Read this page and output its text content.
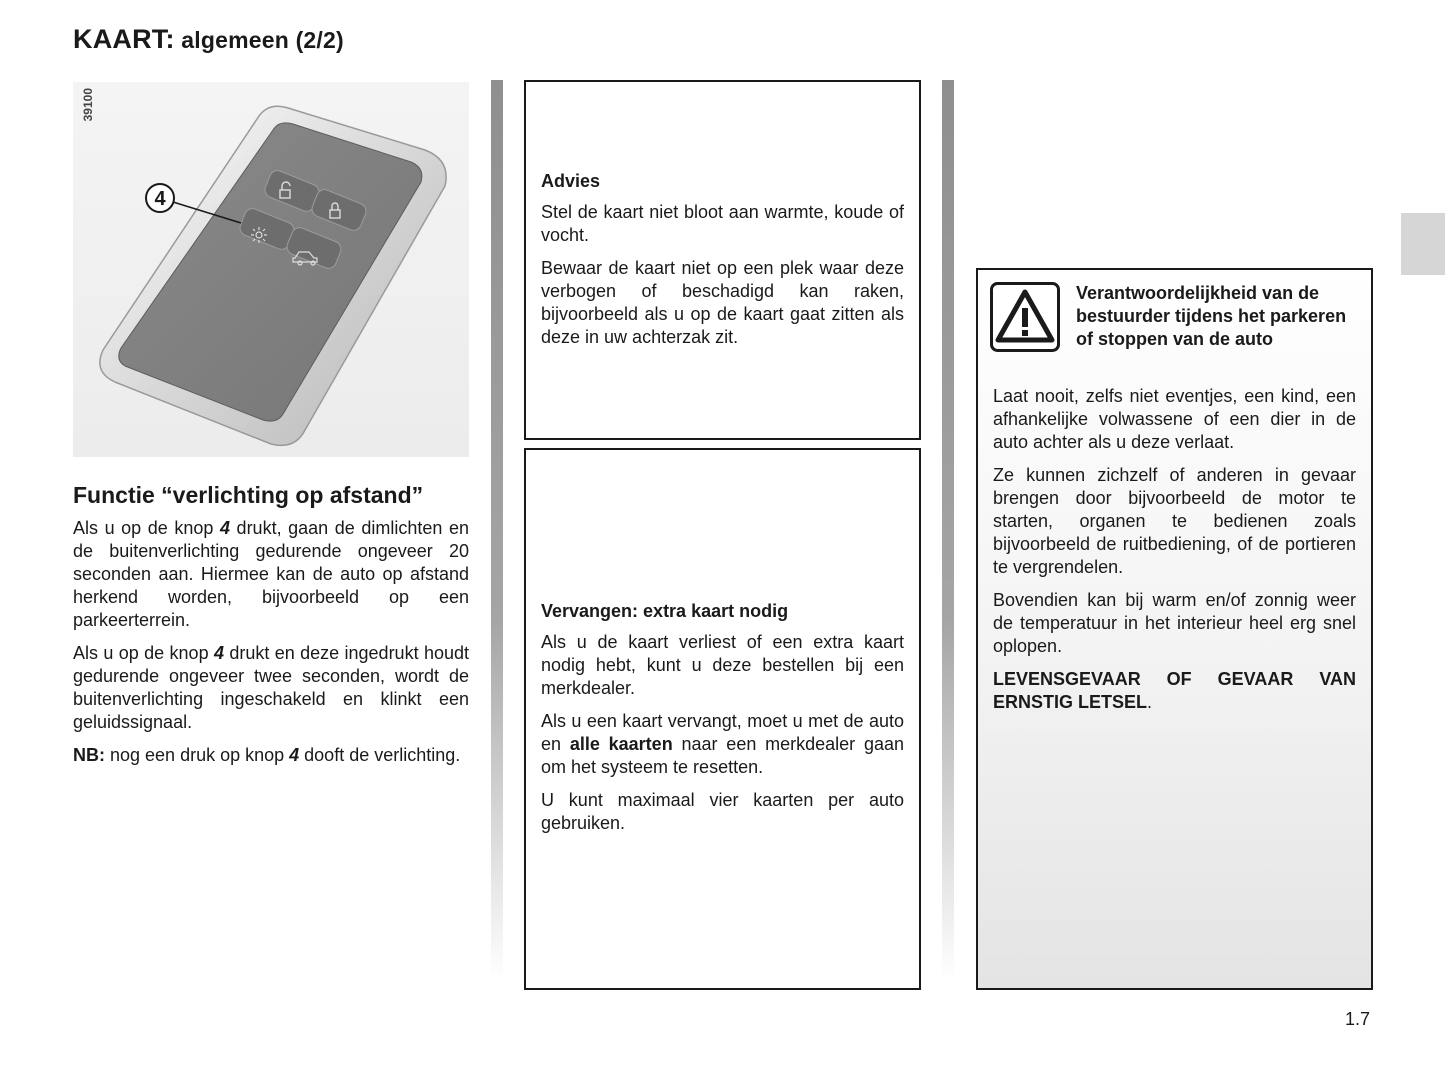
KAART: algemeen (2/2)
4
39100
Functie “verlichting op afstand”

Als u op de knop 4 drukt, gaan de dimlichten en de buitenverlichting gedurende ongeveer 20 seconden aan. Hiermee kan de auto op afstand herkend worden, bijvoorbeeld op een parkeerterrein.

Als u op de knop 4 drukt en deze ingedrukt houdt gedurende ongeveer twee seconden, wordt de buitenverlichting ingeschakeld en klinkt een geluidssignaal.

NB: nog een druk op knop 4 dooft de verlichting.

Advies

Stel de kaart niet bloot aan warmte, koude of vocht.

Bewaar de kaart niet op een plek waar deze verbogen of beschadigd kan raken, bijvoorbeeld als u op de kaart gaat zitten als deze in uw achterzak zit.

Vervangen: extra kaart nodig

Als u de kaart verliest of een extra kaart nodig hebt, kunt u deze bestellen bij een merkdealer.

Als u een kaart vervangt, moet u met de auto en alle kaarten naar een merkdealer gaan om het systeem te resetten.

U kunt maximaal vier kaarten per auto gebruiken.

Verantwoordelijkheid van de bestuurder tijdens het parkeren of stoppen van de auto

Laat nooit, zelfs niet eventjes, een kind, een afhankelijke volwassene of een dier in de auto achter als u deze verlaat.

Ze kunnen zichzelf of anderen in gevaar brengen door bijvoorbeeld de motor te starten, organen te bedienen zoals bijvoorbeeld de ruitbediening, of de portieren te vergrendelen.

Bovendien kan bij warm en/of zonnig weer de temperatuur in het interieur heel erg snel oplopen.

LEVENSGEVAAR OF GEVAAR VAN ERNSTIG LETSEL.

1.7
